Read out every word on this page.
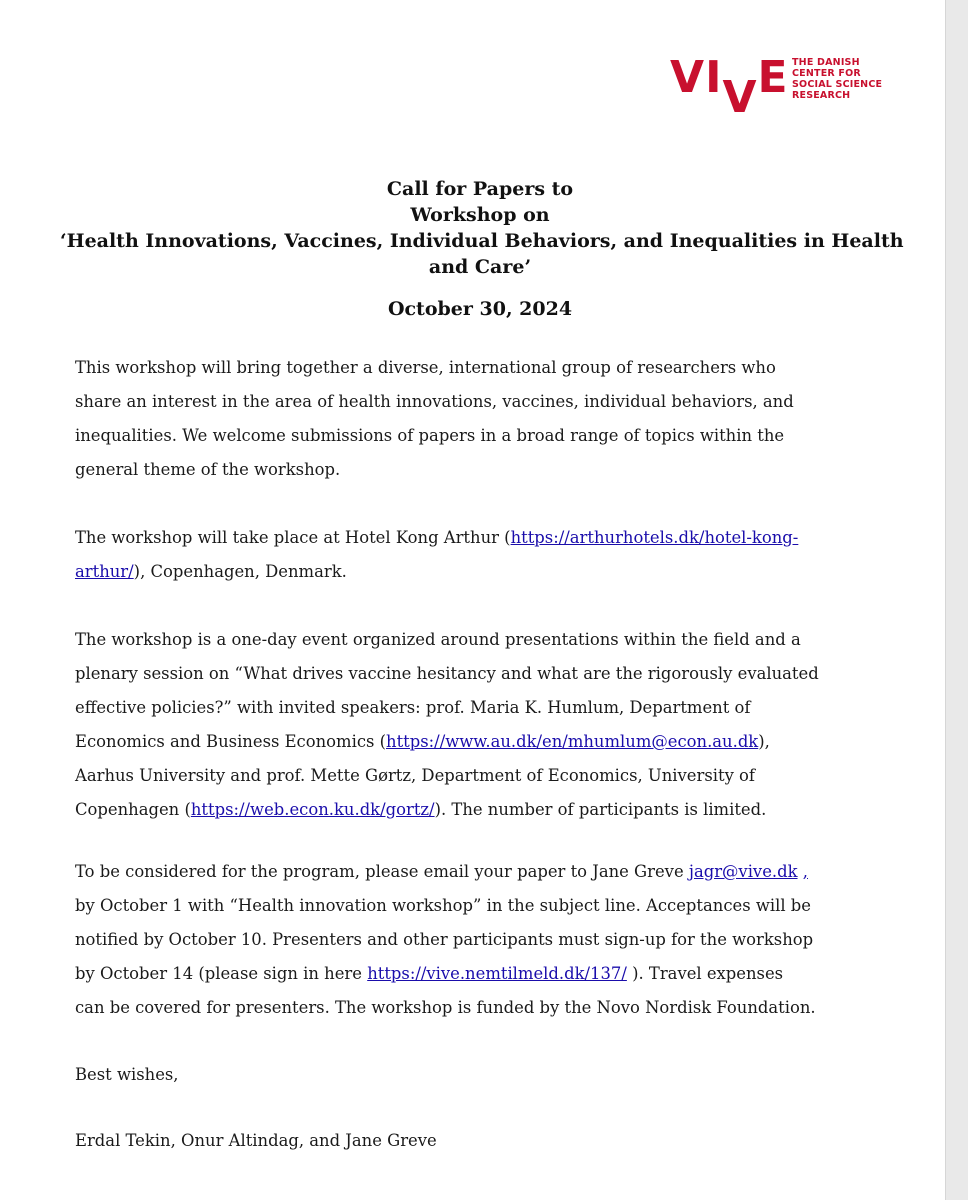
VIVE THE DANISH
CENTER FOR
SOCIAL SCIENCE
RESEARCH
Call for Papers to
Workshop on
‘Health Innovations, Vaccines, Individual Behaviors, and Inequalities in Health
and Care’
October 30, 2024
This workshop will bring together a diverse, international group of researchers who
share an interest in the area of health innovations, vaccines, individual behaviors, and
inequalities. We welcome submissions of papers in a broad range of topics within the
general theme of the workshop.
The workshop will take place at Hotel Kong Arthur (https://arthurhotels.dk/hotel-kong-
arthur/), Copenhagen, Denmark.
The workshop is a one-day event organized around presentations within the field and a
plenary session on “What drives vaccine hesitancy and what are the rigorously evaluated
effective policies?” with invited speakers: prof. Maria K. Humlum, Department of
Economics and Business Economics (https://www.au.dk/en/mhumlum@econ.au.dk),
Aarhus University and prof. Mette Gørtz, Department of Economics, University of
Copenhagen (https://web.econ.ku.dk/gortz/). The number of participants is limited.
To be considered for the program, please email your paper to Jane Greve jagr@vive.dk ,
by October 1 with “Health innovation workshop” in the subject line. Acceptances will be
notified by October 10. Presenters and other participants must sign-up for the workshop
by October 14 (please sign in here https://vive.nemtilmeld.dk/137/ ). Travel expenses
can be covered for presenters. The workshop is funded by the Novo Nordisk Foundation.
Best wishes,
Erdal Tekin, Onur Altindag, and Jane Greve
